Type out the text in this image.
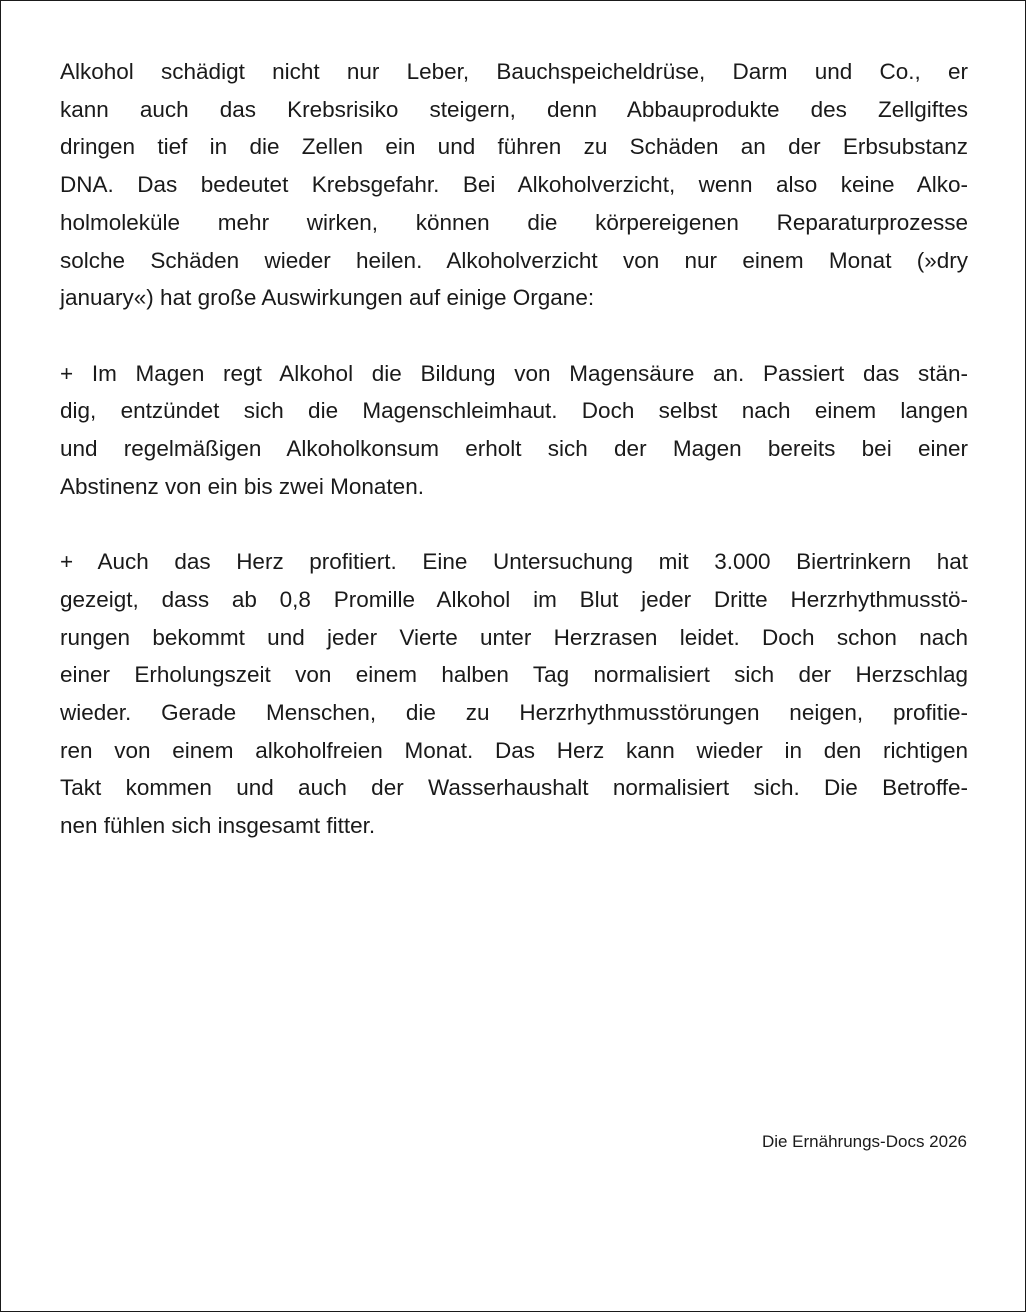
Alkohol schädigt nicht nur Leber, Bauchspeicheldrüse, Darm und Co., er
kann auch das Krebsrisiko steigern, denn Abbauprodukte des Zellgiftes
dringen tief in die Zellen ein und führen zu Schäden an der Erbsubstanz
DNA. Das bedeutet Krebsgefahr. Bei Alkoholverzicht, wenn also keine Alko-
holmoleküle mehr wirken, können die körpereigenen Reparaturprozesse
solche Schäden wieder heilen. Alkoholverzicht von nur einem Monat (»dry
january«) hat große Auswirkungen auf einige Organe:

+ Im Magen regt Alkohol die Bildung von Magensäure an. Passiert das stän-
dig, entzündet sich die Magenschleimhaut. Doch selbst nach einem langen
und regelmäßigen Alkoholkonsum erholt sich der Magen bereits bei einer
Abstinenz von ein bis zwei Monaten.

+ Auch das Herz profitiert. Eine Untersuchung mit 3.000 Biertrinkern hat
gezeigt, dass ab 0,8 Promille Alkohol im Blut jeder Dritte Herzrhythmusstö-
rungen bekommt und jeder Vierte unter Herzrasen leidet. Doch schon nach
einer Erholungszeit von einem halben Tag normalisiert sich der Herzschlag
wieder. Gerade Menschen, die zu Herzrhythmusstörungen neigen, profitie-
ren von einem alkoholfreien Monat. Das Herz kann wieder in den richtigen
Takt kommen und auch der Wasserhaushalt normalisiert sich. Die Betroffe-
nen fühlen sich insgesamt fitter.

Die Ernährungs-Docs 2026
